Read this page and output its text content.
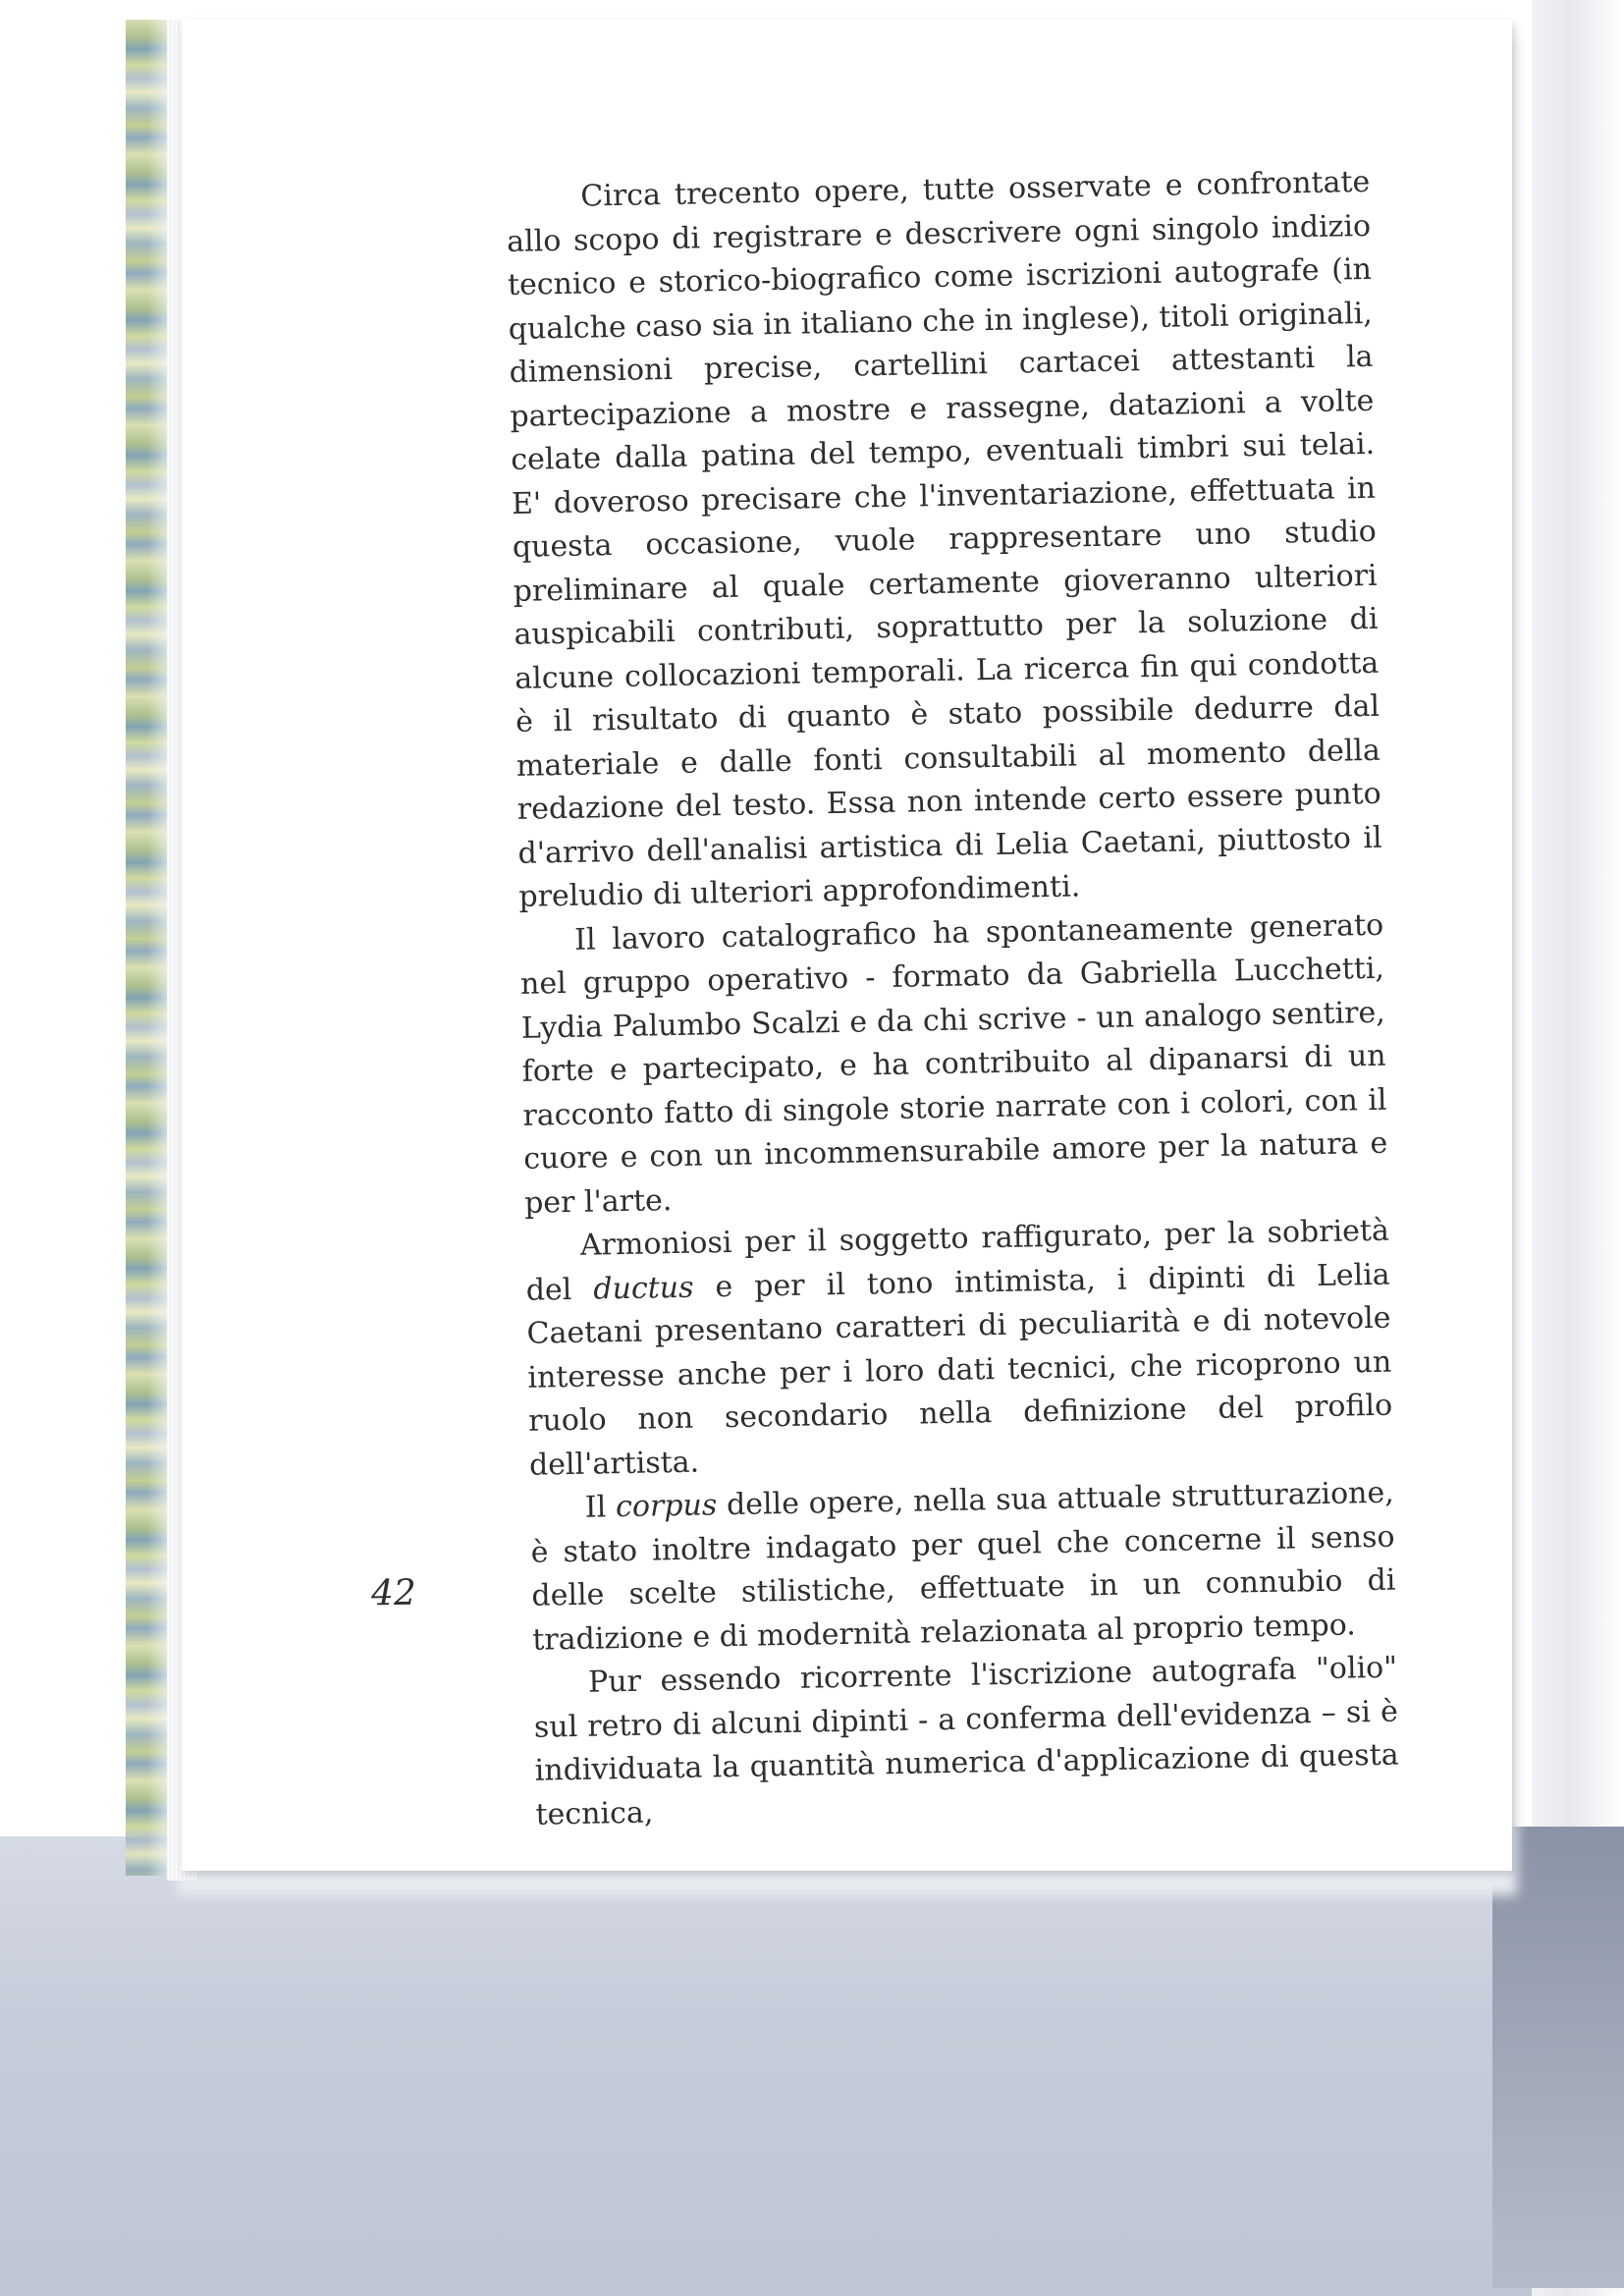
Circa trecento opere, tutte osservate e confrontate allo scopo di registrare e descrivere ogni singolo indizio tecnico e storico-biografico come iscrizioni autografe (in qualche caso sia in italiano che in inglese), titoli originali, dimensioni precise, cartellini cartacei attestanti la partecipazione a mostre e rassegne, datazioni a volte celate dalla patina del tempo, eventuali timbri sui telai. E' doveroso precisare che l'inventariazione, effettuata in questa occasione, vuole rappresentare uno studio preliminare al quale certamente gioveranno ulteriori auspicabili contributi, soprattutto per la soluzione di alcune collocazioni temporali. La ricerca fin qui condotta è il risultato di quanto è stato possibile dedurre dal materiale e dalle fonti consultabili al momento della redazione del testo. Essa non intende certo essere punto d'arrivo dell'analisi artistica di Lelia Caetani, piuttosto il preludio di ulteriori approfondimenti.

Il lavoro catalografico ha spontaneamente generato nel gruppo operativo - formato da Gabriella Lucchetti, Lydia Palumbo Scalzi e da chi scrive - un analogo sentire, forte e partecipato, e ha contribuito al dipanarsi di un racconto fatto di singole storie narrate con i colori, con il cuore e con un incommensurabile amore per la natura e per l'arte.

Armoniosi per il soggetto raffigurato, per la sobrietà del ductus e per il tono intimista, i dipinti di Lelia Caetani presentano caratteri di peculiarità e di notevole interesse anche per i loro dati tecnici, che ricoprono un ruolo non secondario nella definizione del profilo dell'artista.

Il corpus delle opere, nella sua attuale strutturazione, è stato inoltre indagato per quel che concerne il senso delle scelte stilistiche, effettuate in un connubio di tradizione e di modernità relazionata al proprio tempo.

Pur essendo ricorrente l'iscrizione autografa "olio" sul retro di alcuni dipinti - a conferma dell'evidenza – si è individuata la quantità numerica d'applicazione di questa tecnica,

42
